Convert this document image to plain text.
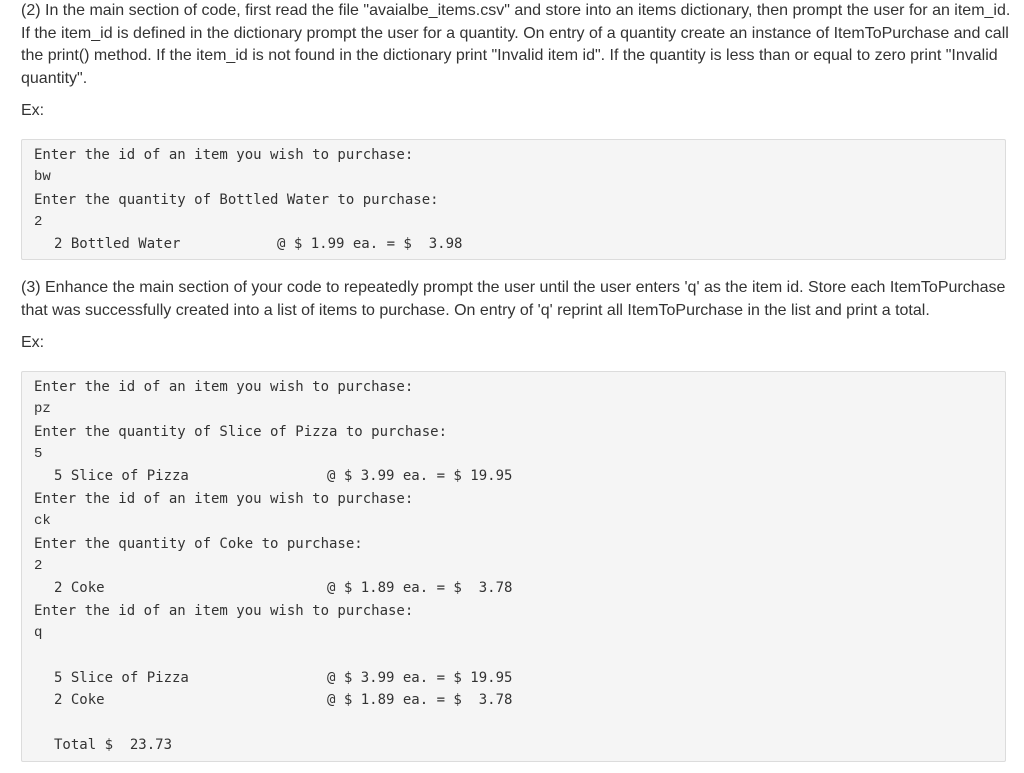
(2) In the main section of code, first read the file "avaialbe_items.csv" and store into an items dictionary, then prompt the user for an item_id. If the item_id is defined in the dictionary prompt the user for a quantity. On entry of a quantity create an instance of ItemToPurchase and call the print() method. If the item_id is not found in the dictionary print "Invalid item id". If the quantity is less than or equal to zero print "Invalid quantity".

Ex:

Enter the id of an item you wish to purchase:
bw
Enter the quantity of Bottled Water to purchase:
2
2 Bottled Water	@ $ 1.99 ea. = $  3.98

(3) Enhance the main section of your code to repeatedly prompt the user until the user enters 'q' as the item id. Store each ItemToPurchase that was successfully created into a list of items to purchase. On entry of 'q' reprint all ItemToPurchase in the list and print a total.

Ex:

Enter the id of an item you wish to purchase:
pz
Enter the quantity of Slice of Pizza to purchase:
5
5 Slice of Pizza	@ $ 3.99 ea. = $ 19.95
Enter the id of an item you wish to purchase:
ck
Enter the quantity of Coke to purchase:
2
2 Coke	@ $ 1.89 ea. = $  3.78
Enter the id of an item you wish to purchase:
q
5 Slice of Pizza	@ $ 3.99 ea. = $ 19.95
2 Coke	@ $ 1.89 ea. = $  3.78
Total $  23.73
